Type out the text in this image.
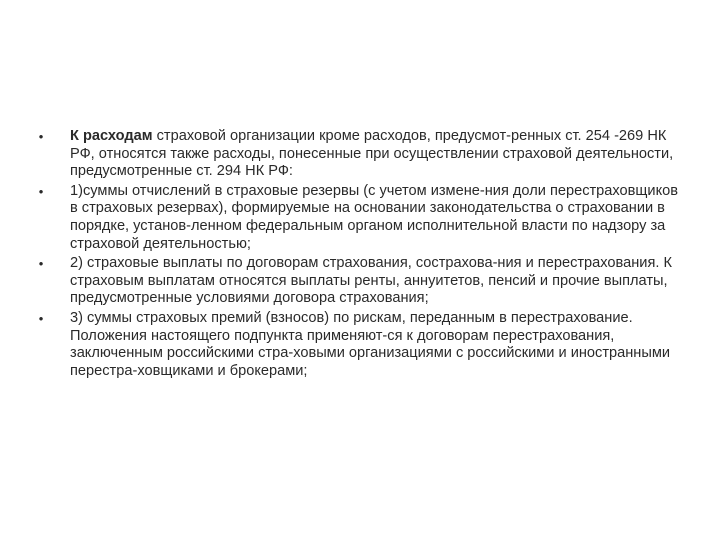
• К расходам страховой организации кроме расходов, предусмот-ренных ст. 254 -269 НК РФ, относятся также расходы, понесенные при осуществлении страховой деятельности, предусмотренные ст. 294 НК РФ:
• 1)суммы отчислений в страховые резервы (с учетом измене-ния доли перестраховщиков в страховых резервах), формируемые на основании законодательства о страховании в порядке, установ-ленном федеральным органом исполнительной власти по надзору за страховой деятельностью;
• 2) страховые выплаты по договорам страхования, сострахова-ния и перестрахования. К страховым выплатам относятся выплаты ренты, аннуитетов, пенсий и прочие выплаты, предусмотренные условиями договора страхования;
• 3) суммы страховых премий (взносов) по рискам, переданным в перестрахование. Положения настоящего подпункта применяют-ся к договорам перестрахования, заключенным российскими стра-ховыми организациями с российскими и иностранными перестра-ховщиками и брокерами;
